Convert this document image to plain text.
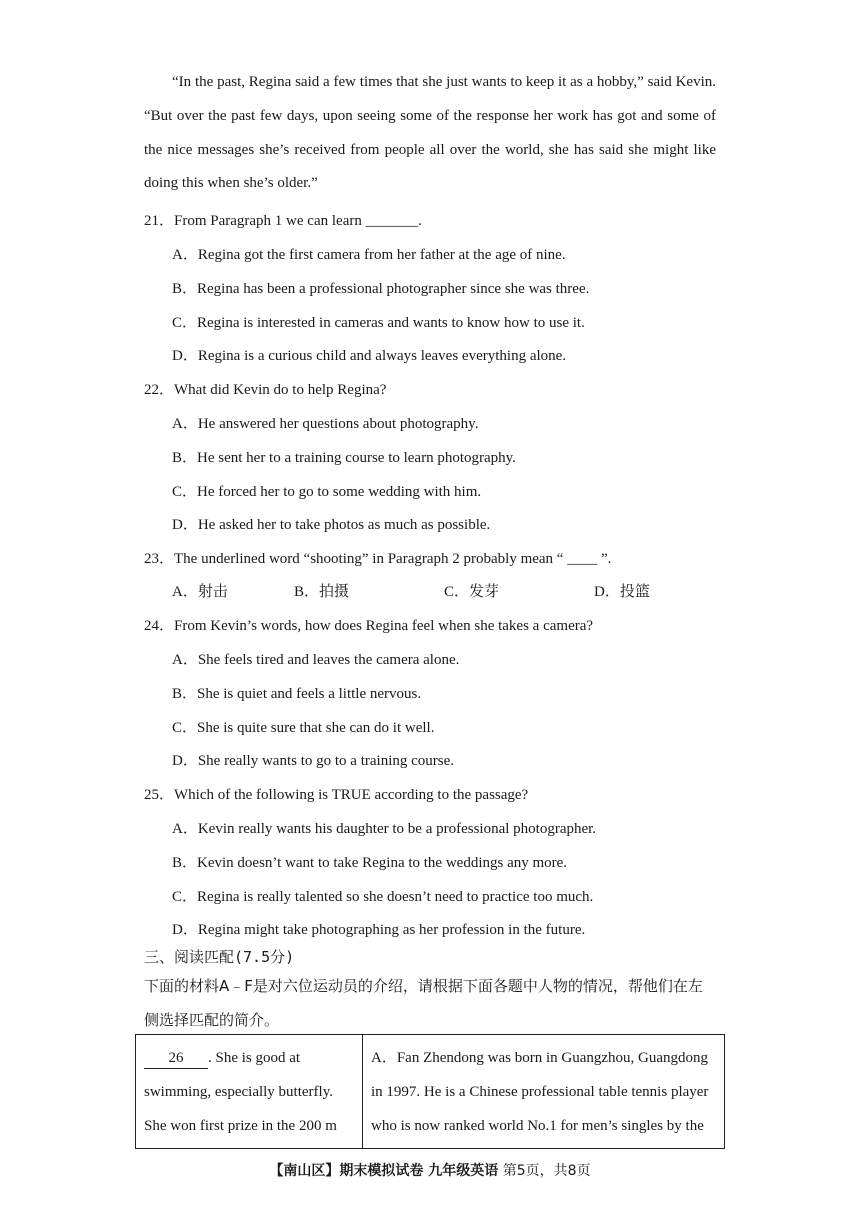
“In the past, Regina said a few times that she just wants to keep it as a hobby,” said Kevin. “But over the past few days, upon seeing some of the response her work has got and some of the nice messages she’s received from people all over the world, she has said she might like doing this when she’s older.”

21．From Paragraph 1 we can learn _______.
A．Regina got the first camera from her father at the age of nine.
B．Regina has been a professional photographer since she was three.
C．Regina is interested in cameras and wants to know how to use it.
D．Regina is a curious child and always leaves everything alone.
22．What did Kevin do to help Regina?
A．He answered her questions about photography.
B．He sent her to a training course to learn photography.
C．He forced her to go to some wedding with him.
D．He asked her to take photos as much as possible.
23．The underlined word “shooting” in Paragraph 2 probably mean “ ____ ”.
A．射击	B．拍摄	C．发芽	D．投篮
24．From Kevin’s words, how does Regina feel when she takes a camera?
A．She feels tired and leaves the camera alone.
B．She is quiet and feels a little nervous.
C．She is quite sure that she can do it well.
D．She really wants to go to a training course.
25．Which of the following is TRUE according to the passage?
A．Kevin really wants his daughter to be a professional photographer.
B．Kevin doesn’t want to take Regina to the weddings any more.
C．Regina is really talented so she doesn’t need to practice too much.
D．Regina might take photographing as her profession in the future.
三、阅读匹配(7.5分)

下面的材料A﹣F是对六位运动员的介绍，请根据下面各题中人物的情况，帮他们在左侧选择匹配的简介。

26 . She is good at swimming, especially butterfly. She won first prize in the 200 m	A．Fan Zhendong was born in Guangzhou, Guangdong in 1997. He is a Chinese professional table tennis player who is now ranked world No.1 for men’s singles by the
【南山区】期末模拟试卷 九年级英语 第5页，共8页
